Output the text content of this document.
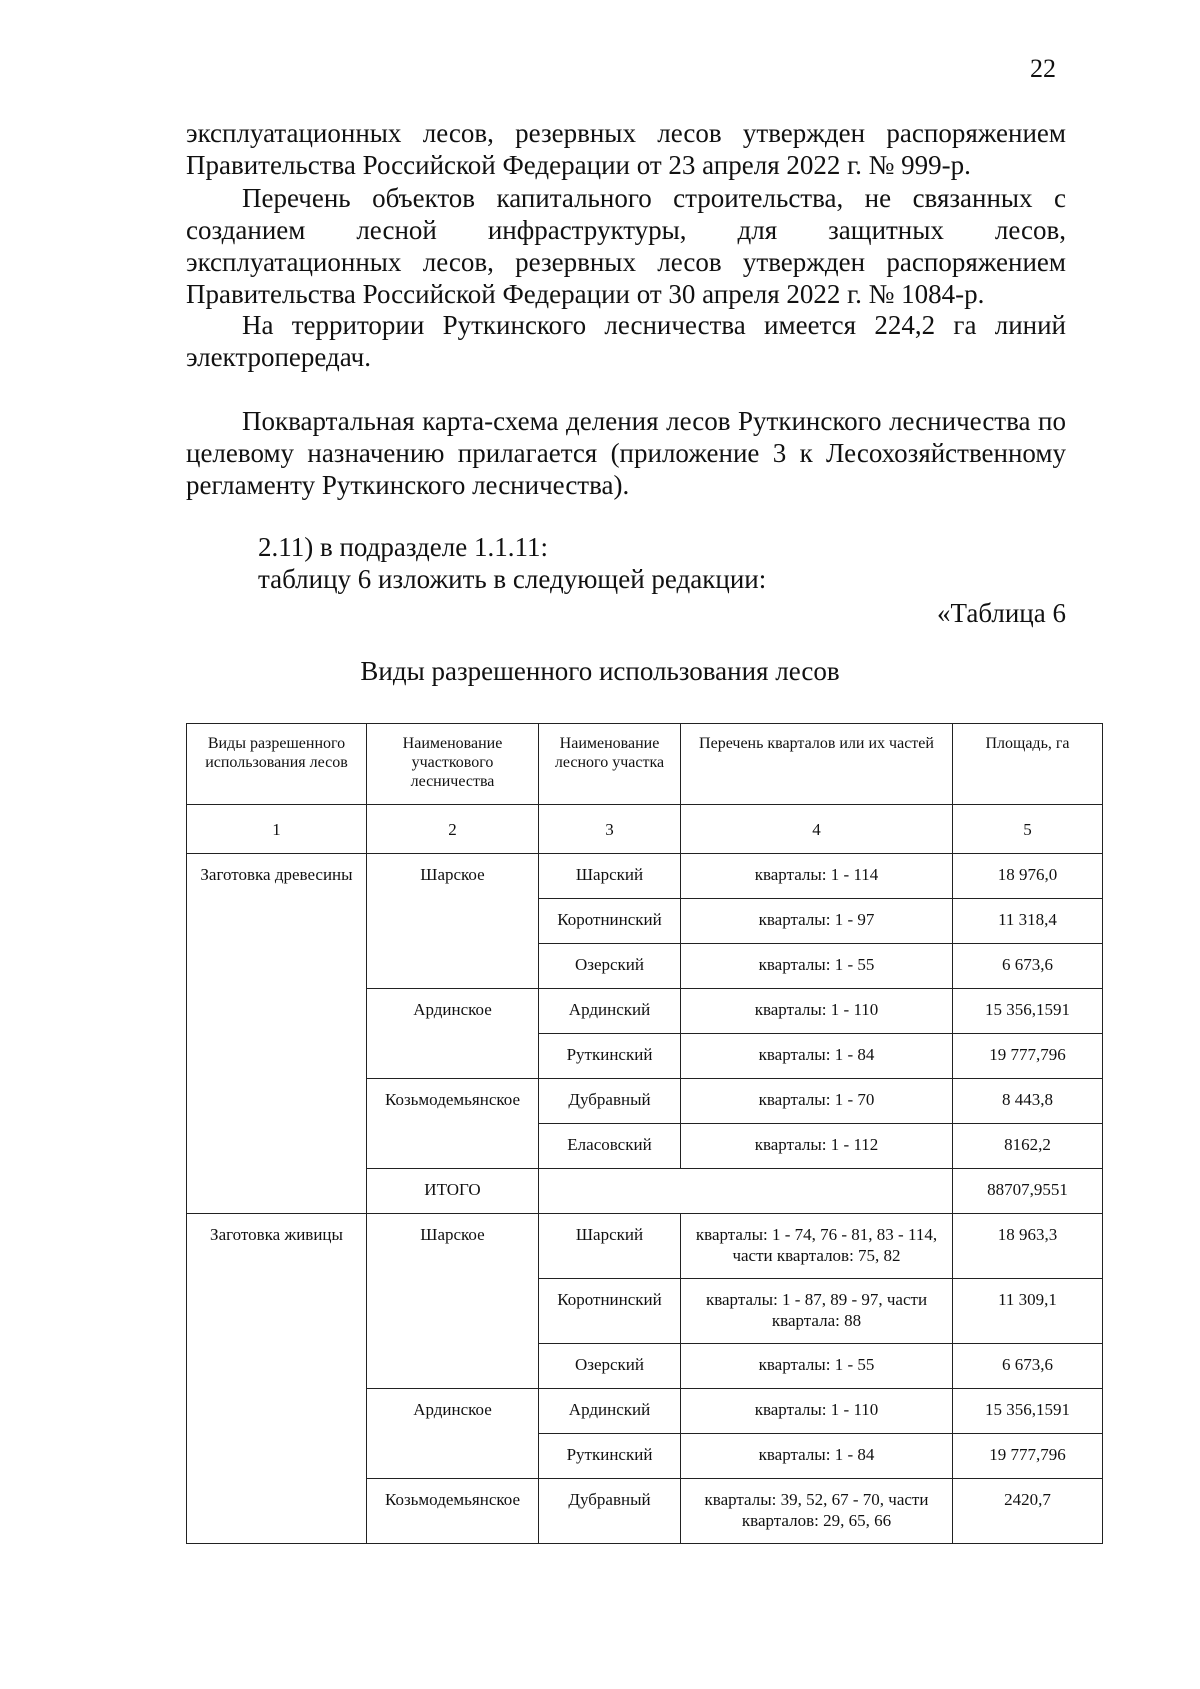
22

эксплуатационных лесов, резервных лесов утвержден распоряжением Правительства Российской Федерации от 23 апреля 2022 г. № 999-р.

Перечень объектов капитального строительства, не связанных с созданием лесной инфраструктуры, для защитных лесов, эксплуатационных лесов, резервных лесов утвержден распоряжением Правительства Российской Федерации от 30 апреля 2022 г. № 1084-р.

На территории Руткинского лесничества имеется 224,2 га линий электропередач.

Поквартальная карта-схема деления лесов Руткинского лесничества по целевому назначению прилагается (приложение 3 к Лесохозяйственному регламенту Руткинского лесничества).

2.11) в подразделе 1.1.11:

таблицу 6 изложить в следующей редакции:

«Таблица 6
Виды разрешенного использования лесов
Виды разрешенного использования лесов	Наименование участкового лесничества	Наименование лесного участка	Перечень кварталов или их частей	Площадь, га
1	2	3	4	5
Заготовка древесины	Шарское	Шарский	кварталы: 1 - 114	18 976,0
		Коротнинский	кварталы: 1 - 97	11 318,4
		Озерский	кварталы: 1 - 55	6 673,6
	Ардинское	Ардинский	кварталы: 1 - 110	15 356,1591
		Руткинский	кварталы: 1 - 84	19 777,796
	Козьмодемьянское	Дубравный	кварталы: 1 - 70	8 443,8
		Еласовский	кварталы: 1 - 112	8162,2
	ИТОГО			88707,9551
Заготовка живицы	Шарское	Шарский	кварталы: 1 - 74, 76 - 81, 83 - 114, части кварталов: 75, 82	18 963,3
		Коротнинский	кварталы: 1 - 87, 89 - 97, части квартала: 88	11 309,1
		Озерский	кварталы: 1 - 55	6 673,6
	Ардинское	Ардинский	кварталы: 1 - 110	15 356,1591
		Руткинский	кварталы: 1 - 84	19 777,796
	Козьмодемьянское	Дубравный	кварталы: 39, 52, 67 - 70, части кварталов: 29, 65, 66	2420,7
